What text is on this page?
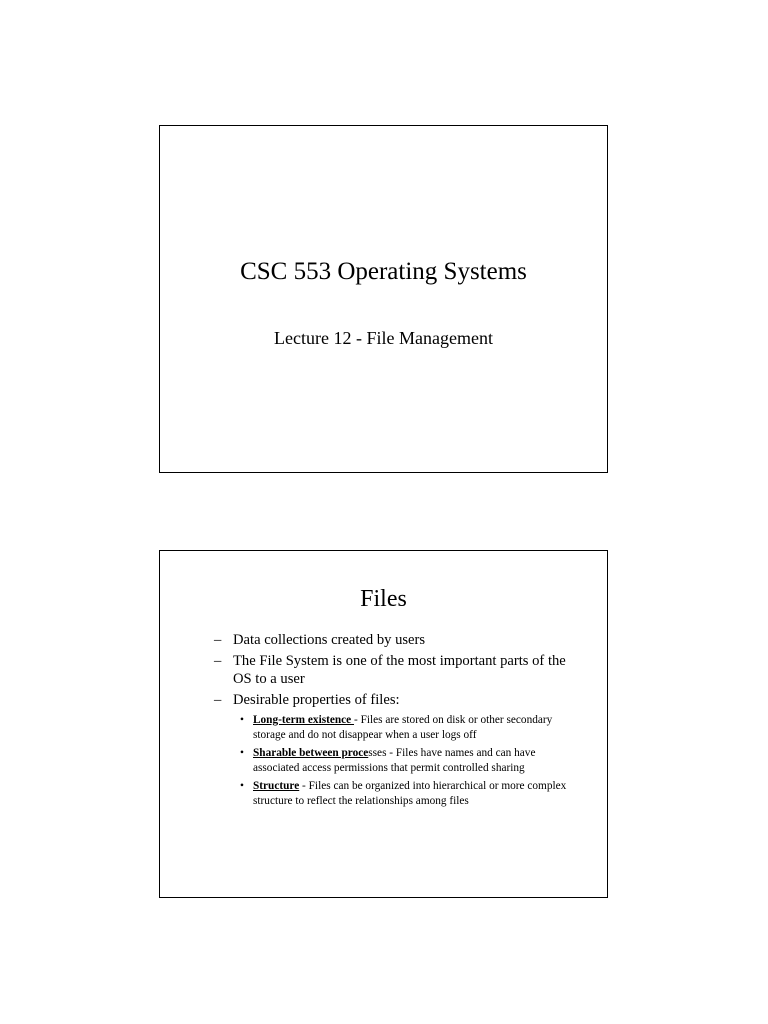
CSC 553 Operating Systems
Lecture 12 - File Management
Files
– Data collections created by users
– The File System is one of the most important parts of the OS to a user
– Desirable properties of files:
• Long-term existence - Files are stored on disk or other secondary storage and do not disappear when a user logs off
• Sharable between processes - Files have names and can have associated access permissions that permit controlled sharing
• Structure - Files can be organized into hierarchical or more complex structure to reflect the relationships among files
